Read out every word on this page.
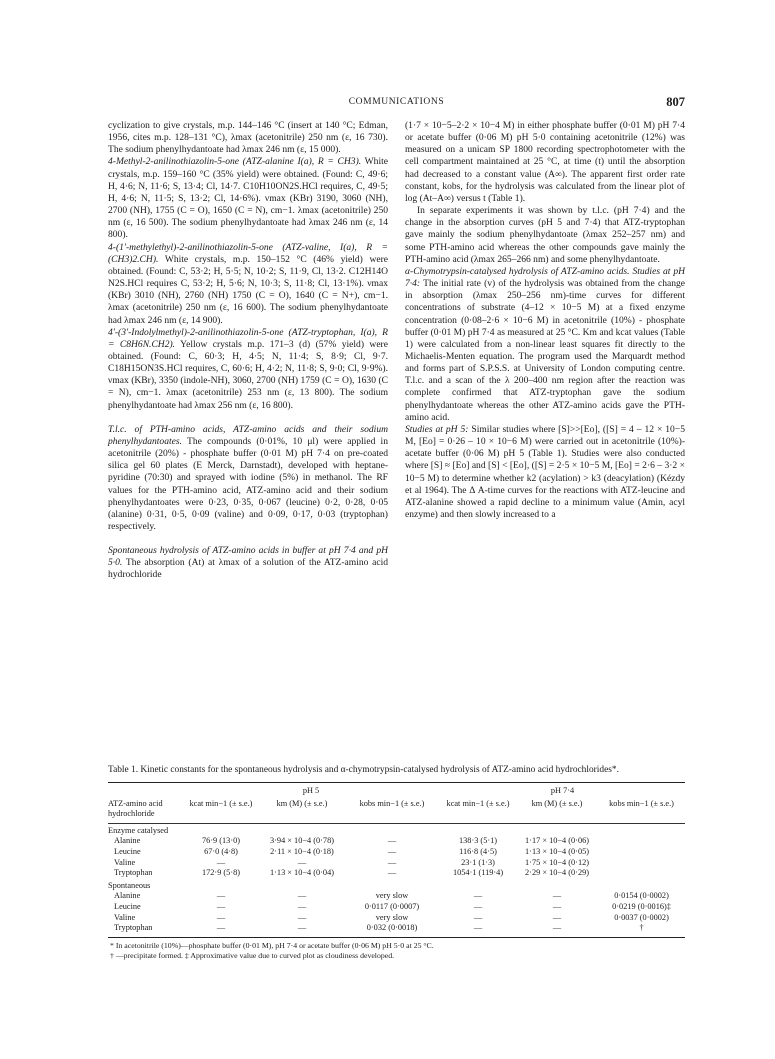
COMMUNICATIONS	807

cyclization to give crystals, m.p. 144–146 °C (insert at 140 °C; Edman, 1956, cites m.p. 128–131 °C), λmax (acetonitrile) 250 nm (ε, 16 730). The sodium phenylhydantoate had λmax 246 nm (ε, 15 000).

4-Methyl-2-anilinothiazolin-5-one (ATZ-alanine I(a), R = CH3). White crystals, m.p. 159–160 °C (35% yield) were obtained. (Found: C, 49·6; H, 4·6; N, 11·6; S, 13·4; Cl, 14·7. C10H10ON2S.HCl requires, C, 49·5; H, 4·6; N, 11·5; S, 13·2; Cl, 14·6%). νmax (KBr) 3190, 3060 (NH), 2700 (NH), 1755 (C = O), 1650 (C = N), cm−1. λmax (acetonitrile) 250 nm (ε, 16 500). The sodium phenylhydantoate had λmax 246 nm (ε, 14 800).

4-(1′-methylethyl)-2-anilinothiazolin-5-one (ATZ-valine, I(a), R = (CH3)2.CH). White crystals, m.p. 150–152 °C (46% yield) were obtained. (Found: C, 53·2; H, 5·5; N, 10·2; S, 11·9, Cl, 13·2. C12H14O N2S.HCl requires C, 53·2; H, 5·6; N, 10·3; S, 11·8; Cl, 13·1%). νmax (KBr) 3010 (NH), 2760 (NH) 1750 (C = O), 1640 (C = N+), cm−1. λmax (acetonitrile) 250 nm (ε, 16 600). The sodium phenylhydantoate had λmax 246 nm (ε, 14 900).

4′-(3′-Indolylmethyl)-2-anilinothiazolin-5-one (ATZ-tryptophan, I(a), R = C8H6N.CH2). Yellow crystals m.p. 171–3 (d) (57% yield) were obtained. (Found: C, 60·3; H, 4·5; N, 11·4; S, 8·9; Cl, 9·7. C18H15ON3S.HCl requires, C, 60·6; H, 4·2; N, 11·8; S, 9·0; Cl, 9·9%). νmax (KBr), 3350 (indole-NH), 3060, 2700 (NH) 1759 (C = O), 1630 (C = N), cm−1. λmax (acetonitrile) 253 nm (ε, 13 800). The sodium phenylhydantoate had λmax 256 nm (ε, 16 800).

T.l.c. of PTH-amino acids, ATZ-amino acids and their sodium phenylhydantoates. The compounds (0·01%, 10 μl) were applied in acetonitrile (20%) - phosphate buffer (0·01 M) pH 7·4 on pre-coated silica gel 60 plates (E Merck, Darnstadt), developed with heptane-pyridine (70:30) and sprayed with iodine (5%) in methanol. The RF values for the PTH-amino acid, ATZ-amino acid and their sodium phenylhydantoates were 0·23, 0·35, 0·067 (leucine) 0·2, 0·28, 0·05 (alanine) 0·31, 0·5, 0·09 (valine) and 0·09, 0·17, 0·03 (tryptophan) respectively.

Spontaneous hydrolysis of ATZ-amino acids in buffer at pH 7·4 and pH 5·0. The absorption (At) at λmax of a solution of the ATZ-amino acid hydrochloride

(1·7 × 10−5–2·2 × 10−4 M) in either phosphate buffer (0·01 M) pH 7·4 or acetate buffer (0·06 M) pH 5·0 containing acetonitrile (12%) was measured on a unicam SP 1800 recording spectrophotometer with the cell compartment maintained at 25 °C, at time (t) until the absorption had decreased to a constant value (A∞). The apparent first order rate constant, kobs, for the hydrolysis was calculated from the linear plot of log (At–A∞) versus t (Table 1).

In separate experiments it was shown by t.l.c. (pH 7·4) and the change in the absorption curves (pH 5 and 7·4) that ATZ-tryptophan gave mainly the sodium phenylhydantoate (λmax 252–257 nm) and some PTH-amino acid whereas the other compounds gave mainly the PTH-amino acid (λmax 265–266 nm) and some phenylhydantoate.

α-Chymotrypsin-catalysed hydrolysis of ATZ-amino acids. Studies at pH 7·4: The initial rate (v) of the hydrolysis was obtained from the change in absorption (λmax 250–256 nm)-time curves for different concentrations of substrate (4–12 × 10−5 M) at a fixed enzyme concentration (0·08–2·6 × 10−6 M) in acetonitrile (10%) - phosphate buffer (0·01 M) pH 7·4 as measured at 25 °C. Km and kcat values (Table 1) were calculated from a non-linear least squares fit directly to the Michaelis-Menten equation. The program used the Marquardt method and forms part of S.P.S.S. at University of London computing centre. T.l.c. and a scan of the λ 200–400 nm region after the reaction was complete confirmed that ATZ-tryptophan gave the sodium phenylhydantoate whereas the other ATZ-amino acids gave the PTH-amino acid.

Studies at pH 5: Similar studies where [S]>>[Eo], ([S] = 4 – 12 × 10−5 M, [Eo] = 0·26 – 10 × 10−6 M) were carried out in acetonitrile (10%)-acetate buffer (0·06 M) pH 5 (Table 1). Studies were also conducted where [S] ≈ [Eo] and [S] < [Eo], ([S] = 2·5 × 10−5 M, [Eo] = 2·6 – 3·2 × 10−5 M) to determine whether k2 (acylation) > k3 (deacylation) (Kézdy et al 1964). The Δ A-time curves for the reactions with ATZ-leucine and ATZ-alanine showed a rapid decline to a minimum value (Amin, acyl enzyme) and then slowly increased to a

Table 1. Kinetic constants for the spontaneous hydrolysis and α-chymotrypsin-catalysed hydrolysis of ATZ-amino acid hydrochlorides*.

	pH 5			pH 7·4		
ATZ-amino acid hydrochloride	kcat min−1 (± s.e.)	km (M) (± s.e.)	kobs min−1 (± s.e.)	kcat min−1 (± s.e.)	km (M) (± s.e.)	kobs min−1 (± s.e.)

Enzyme catalysed						
Alanine	76·9 (13·0)	3·94 × 10−4 (0·78)	—	138·3 (5·1)	1·17 × 10−4 (0·06)	
Leucine	67·0 (4·8)	2·11 × 10−4 (0·18)	—	116·8 (4·5)	1·13 × 10−4 (0·05)	
Valine	—	—	—	23·1 (1·3)	1·75 × 10−4 (0·12)	
Tryptophan	172·9 (5·8)	1·13 × 10−4 (0·04)	—	1054·1 (119·4)	2·29 × 10−4 (0·29)	
Spontaneous						
Alanine	—	—	very slow	—	—	0·0154 (0·0002)
Leucine	—	—	0·0117 (0·0007)	—	—	0·0219 (0·0016)‡
Valine	—	—	very slow	—	—	0·0037 (0·0002)
Tryptophan	—	—	0·032 (0·0018)	—	—	†

* In acetonitrile (10%)—phosphate buffer (0·01 M), pH 7·4 or acetate buffer (0·06 M) pH 5·0 at 25 °C.

† —precipitate formed. ‡ Approximative value due to curved plot as cloudiness developed.
